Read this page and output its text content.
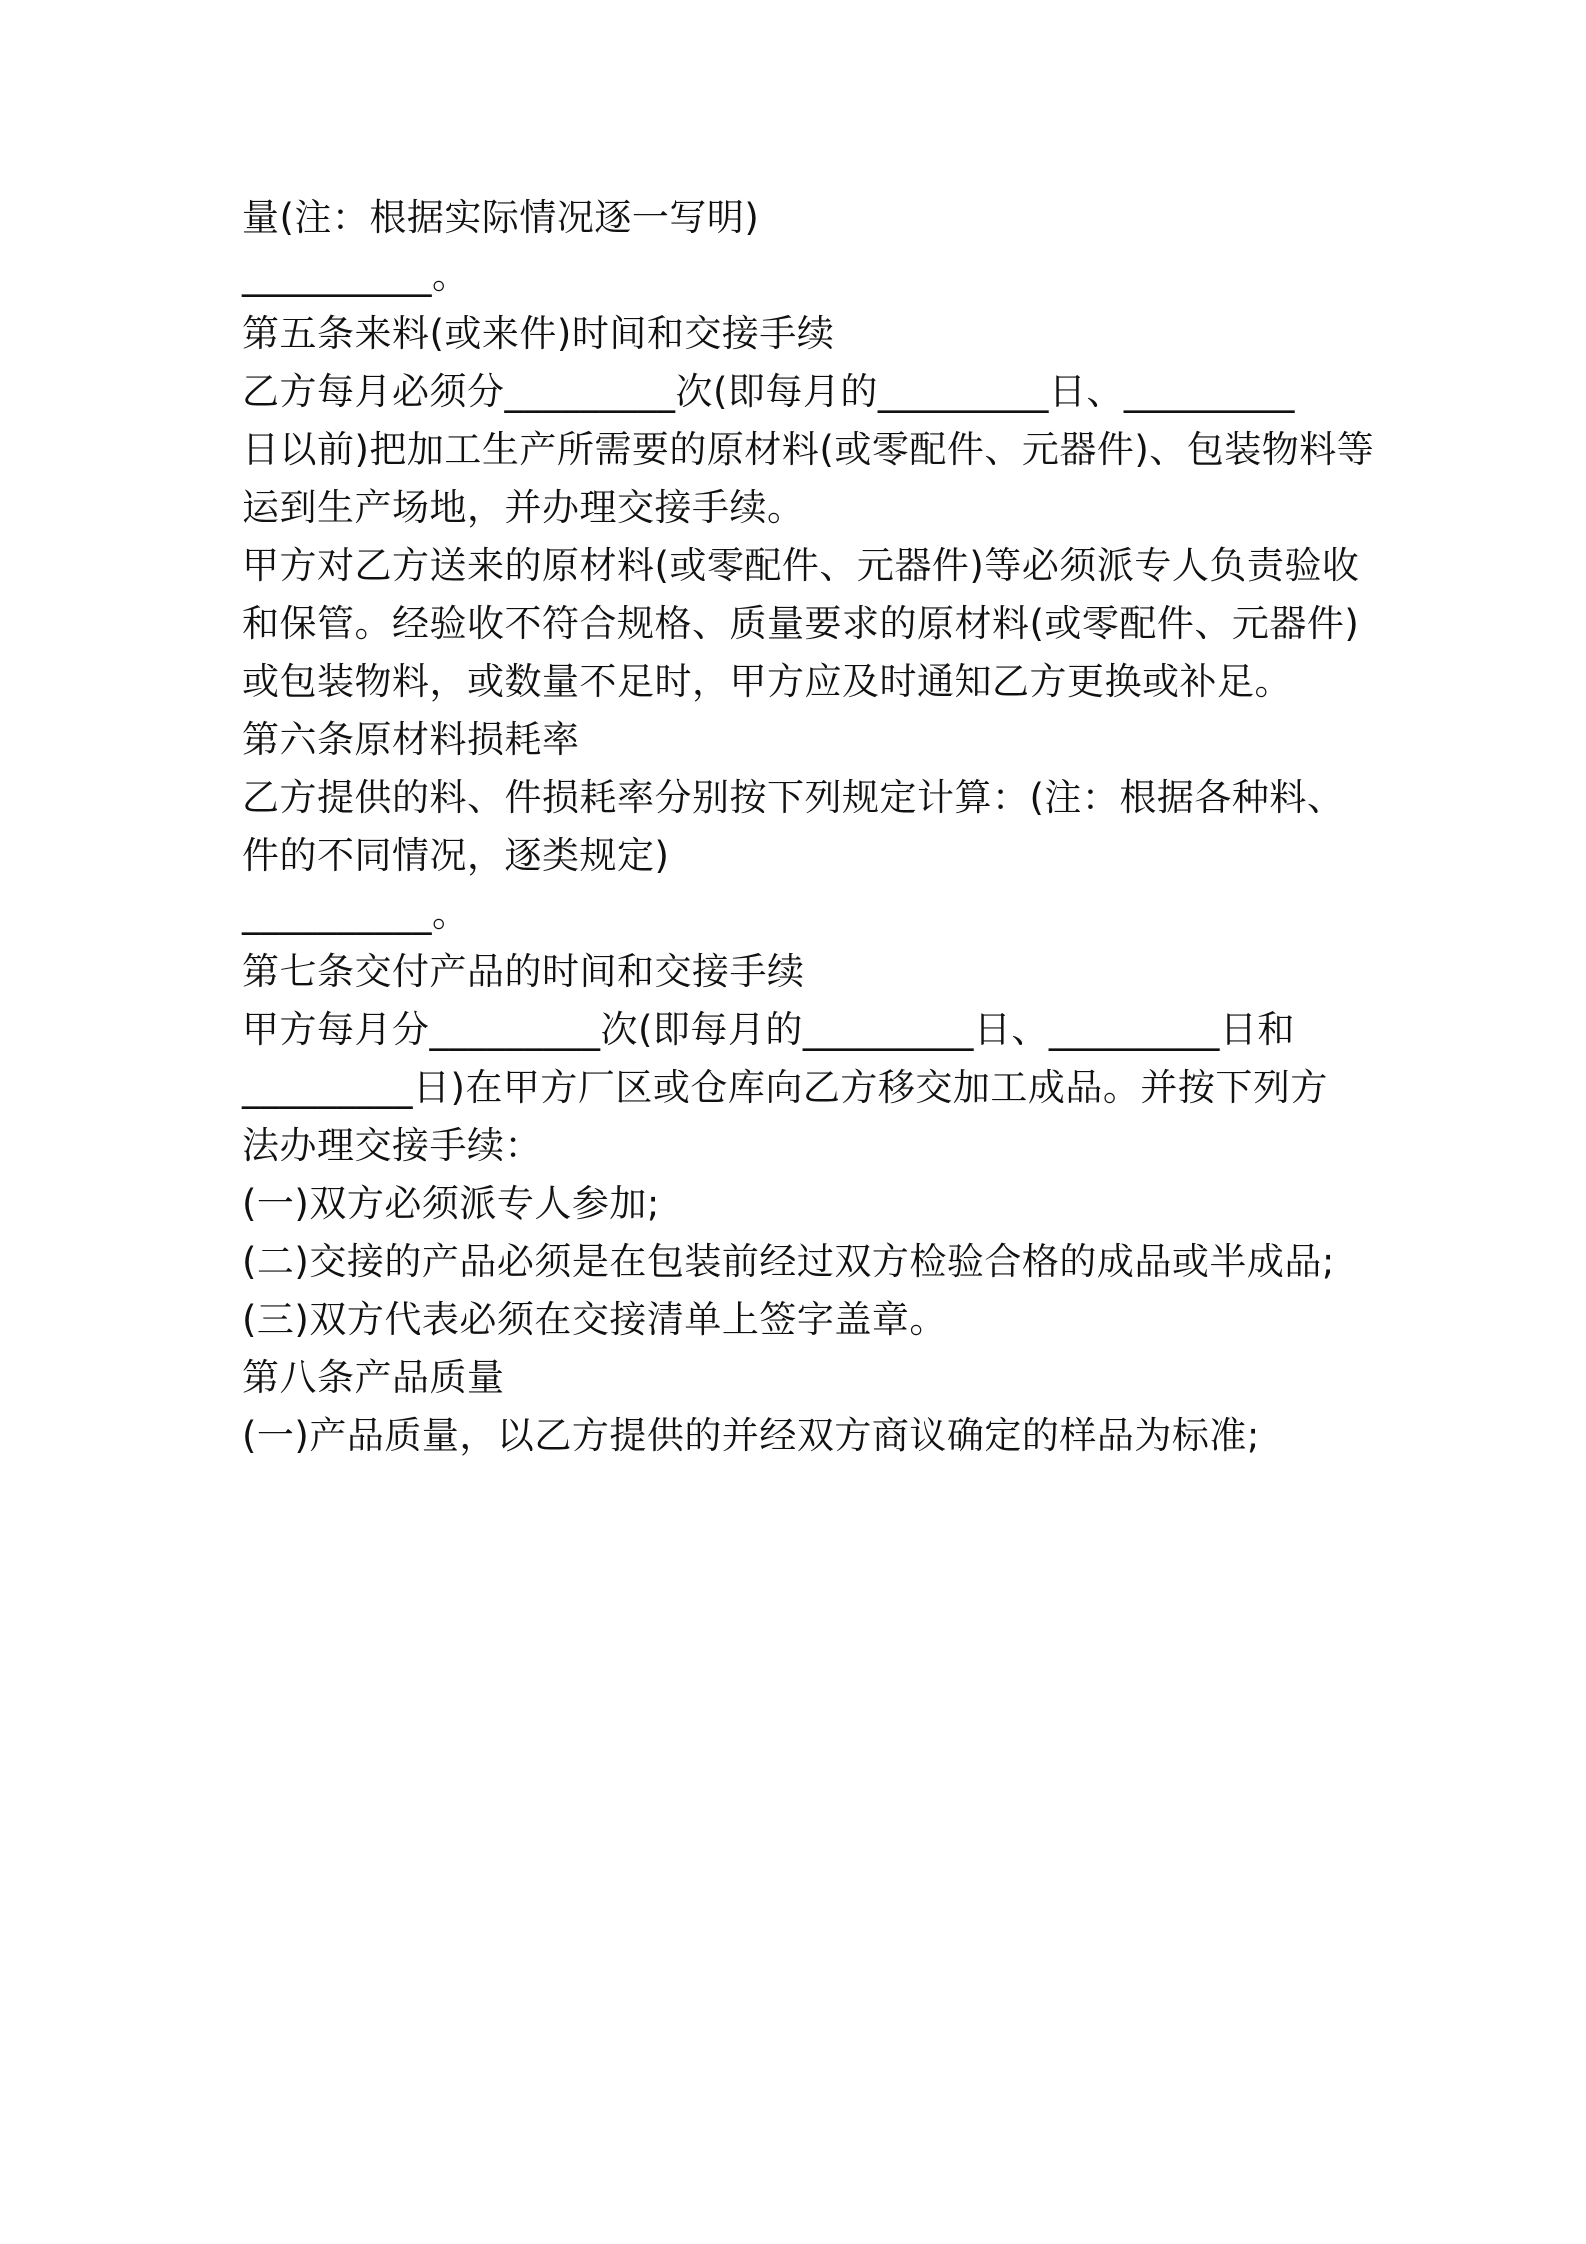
量(注：根据实际情况逐一写明)
__________。
第五条来料(或来件)时间和交接手续
乙方每月必须分_________次(即每月的_________日、_________
日以前)把加工生产所需要的原材料(或零配件、元器件)、包装物料等
运到生产场地，并办理交接手续。
甲方对乙方送来的原材料(或零配件、元器件)等必须派专人负责验收
和保管。经验收不符合规格、质量要求的原材料(或零配件、元器件)
或包装物料，或数量不足时，甲方应及时通知乙方更换或补足。
第六条原材料损耗率
乙方提供的料、件损耗率分别按下列规定计算：(注：根据各种料、
件的不同情况，逐类规定)
__________。
第七条交付产品的时间和交接手续
甲方每月分_________次(即每月的_________日、_________日和
_________日)在甲方厂区或仓库向乙方移交加工成品。并按下列方
法办理交接手续：
(一)双方必须派专人参加;
(二)交接的产品必须是在包装前经过双方检验合格的成品或半成品;
(三)双方代表必须在交接清单上签字盖章。
第八条产品质量
(一)产品质量，以乙方提供的并经双方商议确定的样品为标准;
